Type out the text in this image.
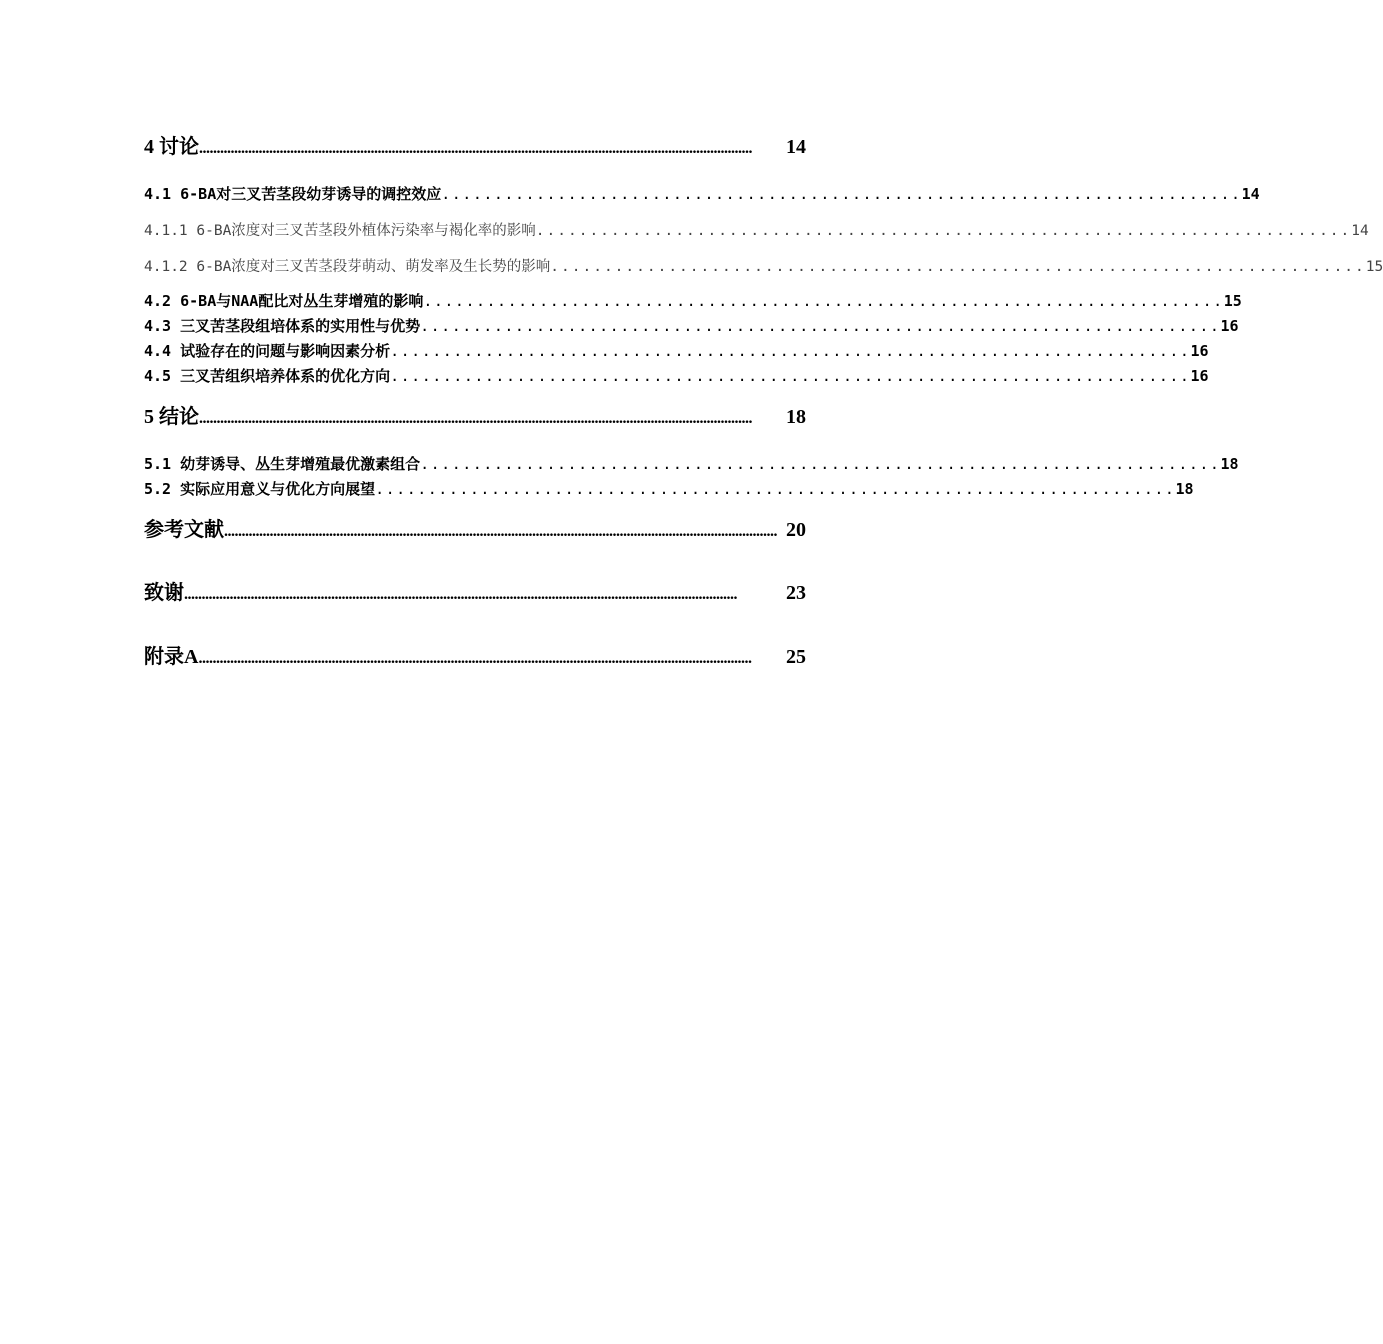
4 讨论 ..............................................................................................................................................................	14
4.1 6-BA对三叉苦茎段幼芽诱导的调控效应 ............................................................................ 14
4.1.1 6-BA浓度对三叉苦茎段外植体污染率与褐化率的影响 ............................................................................ 14
4.1.2 6-BA浓度对三叉苦茎段芽萌动、萌发率及生长势的影响 ............................................................................ 15
4.2 6-BA与NAA配比对丛生芽增殖的影响 ............................................................................ 15
4.3 三叉苦茎段组培体系的实用性与优势 ............................................................................ 16
4.4 试验存在的问题与影响因素分析 ............................................................................ 16
4.5 三叉苦组织培养体系的优化方向 ............................................................................ 16
5 结论 ..............................................................................................................................................................	18
5.1 幼芽诱导、丛生芽增殖最优激素组合 ............................................................................ 18
5.2 实际应用意义与优化方向展望 ............................................................................ 18
参考文献 .............................................................................................................................................................. 20
致谢 ..............................................................................................................................................................	23
附录A ..............................................................................................................................................................	25
